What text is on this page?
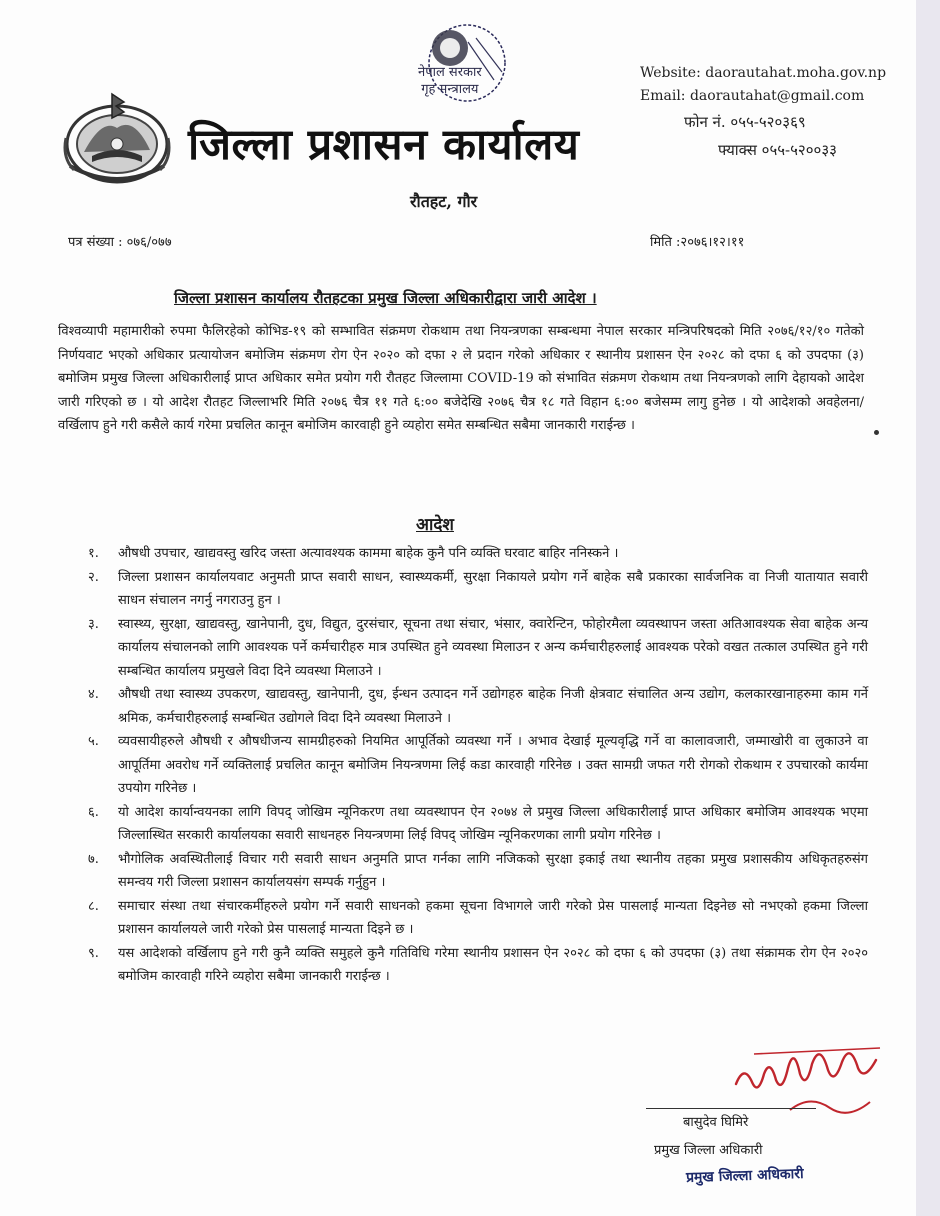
नेपाल सरकार
गृह मन्त्रालय
Website: daorautahat.moha.gov.np
Email: daorautahat@gmail.com
फोन नं. ०५५-५२०३६९
फ्याक्स ०५५-५२००३३
जिल्ला प्रशासन कार्यालय
रौतहट, गौर
पत्र संख्या : ०७६/०७७	मिति :२०७६।१२।११
जिल्ला प्रशासन कार्यालय रौतहटका प्रमुख जिल्ला अधिकारीद्वारा जारी आदेश ।
विश्वव्यापी महामारीको रुपमा फैलिरहेको कोभिड-१९ को सम्भावित संक्रमण रोकथाम तथा नियन्त्रणका सम्बन्धमा नेपाल सरकार मन्त्रिपरिषदको मिति २०७६/१२/१० गतेको निर्णयवाट भएको अधिकार प्रत्यायोजन बमोजिम संक्रमण रोग ऐन २०२० को दफा २ ले प्रदान गरेको अधिकार र स्थानीय प्रशासन ऐन २०२८ को दफा ६ को उपदफा (३) बमोजिम प्रमुख जिल्ला अधिकारीलाई प्राप्त अधिकार समेत प्रयोग गरी रौतहट जिल्लामा COVID-19 को संभावित संक्रमण रोकथाम तथा नियन्त्रणको लागि देहायको आदेश जारी गरिएको छ । यो आदेश रौतहट जिल्लाभरि मिति २०७६ चैत्र ११ गते ६:०० बजेदेखि २०७६ चैत्र १८ गते विहान ६:०० बजेसम्म लागु हुनेछ । यो आदेशको अवहेलना/वर्खिलाप हुने गरी कसैले कार्य गरेमा प्रचलित कानून बमोजिम कारवाही हुने व्यहोरा समेत सम्बन्धित सबैमा जानकारी गराईन्छ ।
आदेश
१.	औषधी उपचार, खाद्यवस्तु खरिद जस्ता अत्यावश्यक काममा बाहेक कुनै पनि व्यक्ति घरवाट बाहिर ननिस्कने ।
२.	जिल्ला प्रशासन कार्यालयवाट अनुमती प्राप्त सवारी साधन, स्वास्थ्यकर्मी, सुरक्षा निकायले प्रयोग गर्ने बाहेक सबै प्रकारका सार्वजनिक वा निजी यातायात सवारी साधन संचालन नगर्नु नगराउनु हुन ।
३.	स्वास्थ्य, सुरक्षा, खाद्यवस्तु, खानेपानी, दुध, विद्युत, दुरसंचार, सूचना तथा संचार, भंसार, क्वारेन्टिन, फोहोरमैला व्यवस्थापन जस्ता अतिआवश्यक सेवा बाहेक अन्य कार्यालय संचालनको लागि आवश्यक पर्ने कर्मचारीहरु मात्र उपस्थित हुने व्यवस्था मिलाउन र अन्य कर्मचारीहरुलाई आवश्यक परेको वखत तत्काल उपस्थित हुने गरी सम्बन्धित कार्यालय प्रमुखले विदा दिने व्यवस्था मिलाउने ।
४.	औषधी तथा स्वास्थ्य उपकरण, खाद्यवस्तु, खानेपानी, दुध, ईन्धन उत्पादन गर्ने उद्योगहरु बाहेक निजी क्षेत्रवाट संचालित अन्य उद्योग, कलकारखानाहरुमा काम गर्ने श्रमिक, कर्मचारीहरुलाई सम्बन्धित उद्योगले विदा दिने व्यवस्था मिलाउने ।
५.	व्यवसायीहरुले औषधी र औषधीजन्य सामग्रीहरुको नियमित आपूर्तिको व्यवस्था गर्ने । अभाव देखाई मूल्यवृद्धि गर्ने वा कालावजारी, जम्माखोरी वा लुकाउने वा आपूर्तिमा अवरोध गर्ने व्यक्तिलाई प्रचलित कानून बमोजिम नियन्त्रणमा लिई कडा कारवाही गरिनेछ । उक्त सामग्री जफत गरी रोगको रोकथाम र उपचारको कार्यमा उपयोग गरिनेछ ।
६.	यो आदेश कार्यान्वयनका लागि विपद् जोखिम न्यूनिकरण तथा व्यवस्थापन ऐन २०७४ ले प्रमुख जिल्ला अधिकारीलाई प्राप्त अधिकार बमोजिम आवश्यक भएमा जिल्लास्थित सरकारी कार्यालयका सवारी साधनहरु नियन्त्रणमा लिई विपद् जोखिम न्यूनिकरणका लागी प्रयोग गरिनेछ ।
७.	भौगोलिक अवस्थितीलाई विचार गरी सवारी साधन अनुमति प्राप्त गर्नका लागि नजिकको सुरक्षा इकाई तथा स्थानीय तहका प्रमुख प्रशासकीय अधिकृतहरुसंग समन्वय गरी जिल्ला प्रशासन कार्यालयसंग सम्पर्क गर्नुहुन ।
८.	समाचार संस्था तथा संचारकर्मीहरुले प्रयोग गर्ने सवारी साधनको हकमा सूचना विभागले जारी गरेको प्रेस पासलाई मान्यता दिइनेछ सो नभएको हकमा जिल्ला प्रशासन कार्यालयले जारी गरेको प्रेस पासलाई मान्यता दिइने छ ।
९.	यस आदेशको वर्खिलाप हुने गरी कुनै व्यक्ति समुहले कुनै गतिविधि गरेमा स्थानीय प्रशासन ऐन २०२८ को दफा ६ को उपदफा (३) तथा संक्रामक रोग ऐन २०२० बमोजिम कारवाही गरिने व्यहोरा सबैमा जानकारी गराईन्छ ।
बासुदेव घिमिरे
प्रमुख जिल्ला अधिकारी
प्रमुख जिल्ला अधिकारी
